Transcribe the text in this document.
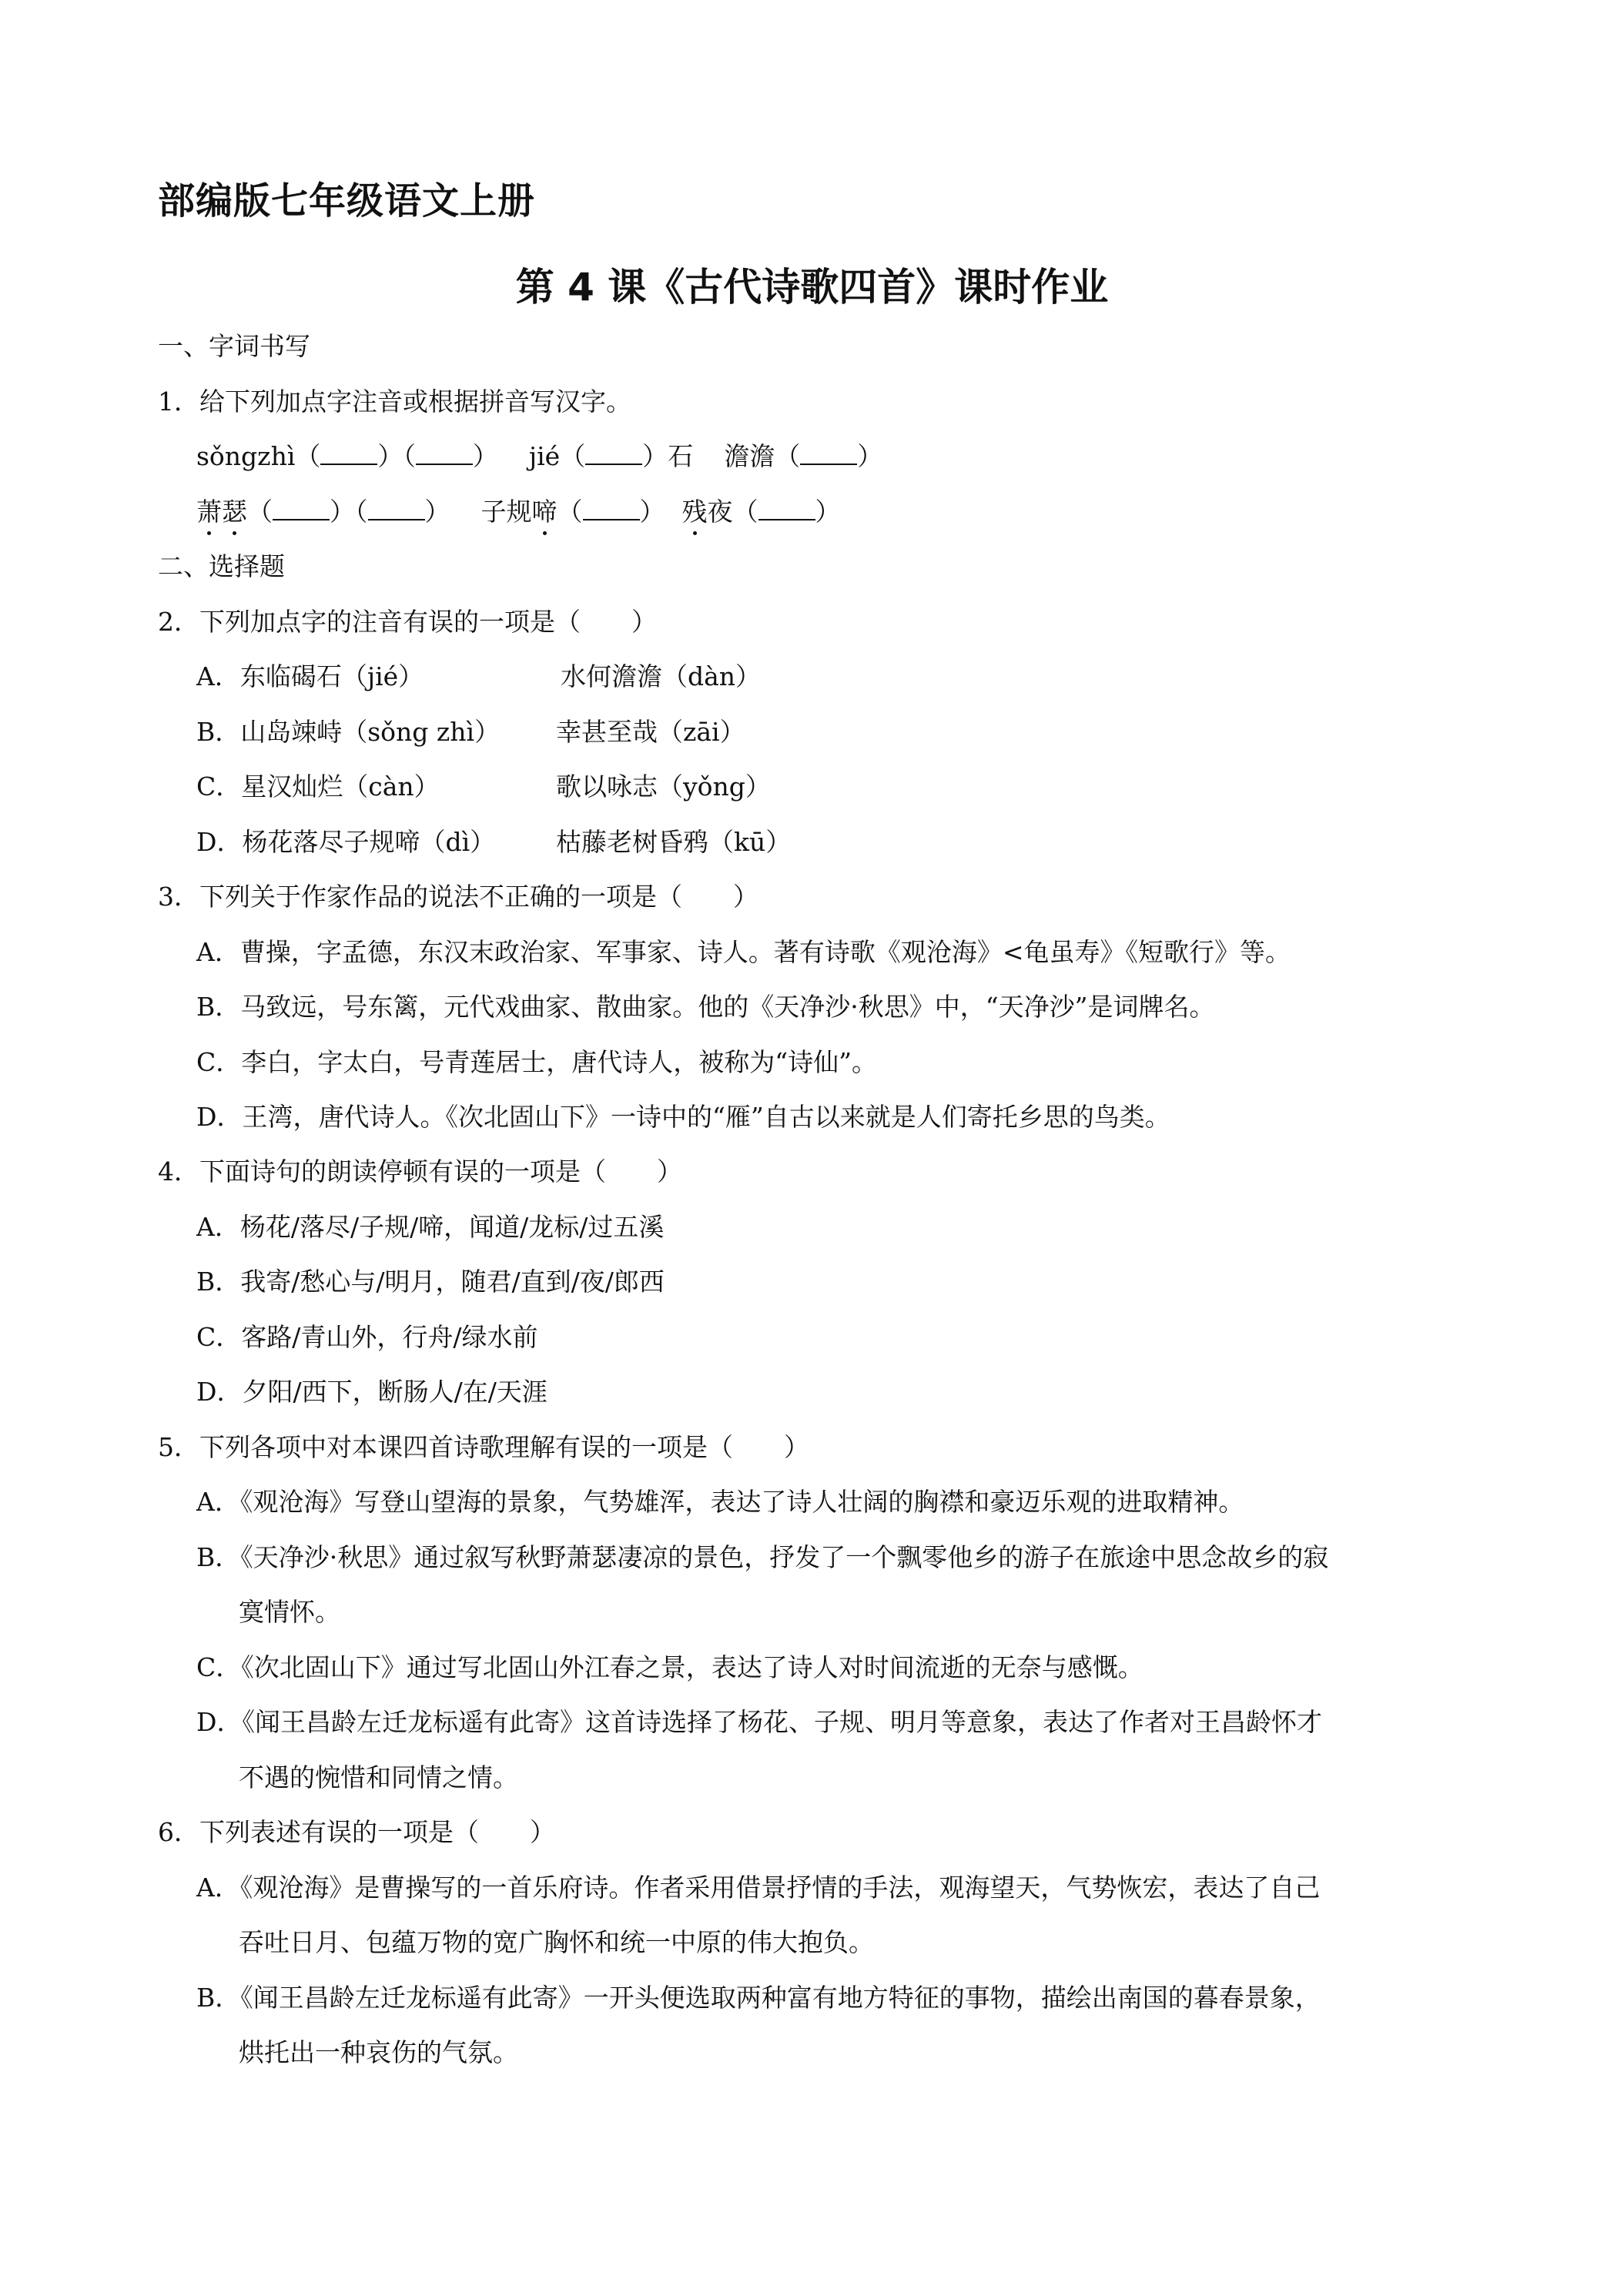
部编版七年级语文上册
第 4 课《古代诗歌四首》课时作业
一、字词书写
1．给下列加点字注音或根据拼音写汉字。
sǒngzhì（ ）（ ） jié（ ）石 澹澹（ ）
萧瑟（ ）（ ） 子规啼（ ） 残夜（ ）
二、选择题
2．下列加点字的注音有误的一项是（　　）
A．东临碣石（jié）	水何澹澹（dàn）
B．山岛竦峙（sǒng zhì） 幸甚至哉（zāi）
C．星汉灿烂（càn）	歌以咏志（yǒng）
D．杨花落尽子规啼（dì） 枯藤老树昏鸦（kū）
3．下列关于作家作品的说法不正确的一项是（　　）
A．曹操，字孟德，东汉末政治家、军事家、诗人。著有诗歌《观沧海》<龟虽寿》《短歌行》等。
B．马致远，号东篱，元代戏曲家、散曲家。他的《天净沙·秋思》中，“天净沙”是词牌名。
C．李白，字太白，号青莲居士，唐代诗人，被称为“诗仙”。
D．王湾，唐代诗人。《次北固山下》一诗中的“雁”自古以来就是人们寄托乡思的鸟类。
4．下面诗句的朗读停顿有误的一项是（　　）
A．杨花/落尽/子规/啼，闻道/龙标/过五溪
B．我寄/愁心与/明月，随君/直到/夜/郎西
C．客路/青山外，行舟/绿水前
D．夕阳/西下，断肠人/在/天涯
5．下列各项中对本课四首诗歌理解有误的一项是（　　）
A．《观沧海》写登山望海的景象，气势雄浑，表达了诗人壮阔的胸襟和豪迈乐观的进取精神。
B．《天净沙·秋思》通过叙写秋野萧瑟凄凉的景色，抒发了一个飘零他乡的游子在旅途中思念故乡的寂
寞情怀。
C．《次北固山下》通过写北固山外江春之景，表达了诗人对时间流逝的无奈与感慨。
D．《闻王昌龄左迁龙标遥有此寄》这首诗选择了杨花、子规、明月等意象，表达了作者对王昌龄怀才
不遇的惋惜和同情之情。
6．下列表述有误的一项是（　　）
A．《观沧海》是曹操写的一首乐府诗。作者采用借景抒情的手法，观海望天，气势恢宏，表达了自己
吞吐日月、包蕴万物的宽广胸怀和统一中原的伟大抱负。
B．《闻王昌龄左迁龙标遥有此寄》一开头便选取两种富有地方特征的事物，描绘出南国的暮春景象，
烘托出一种哀伤的气氛。
